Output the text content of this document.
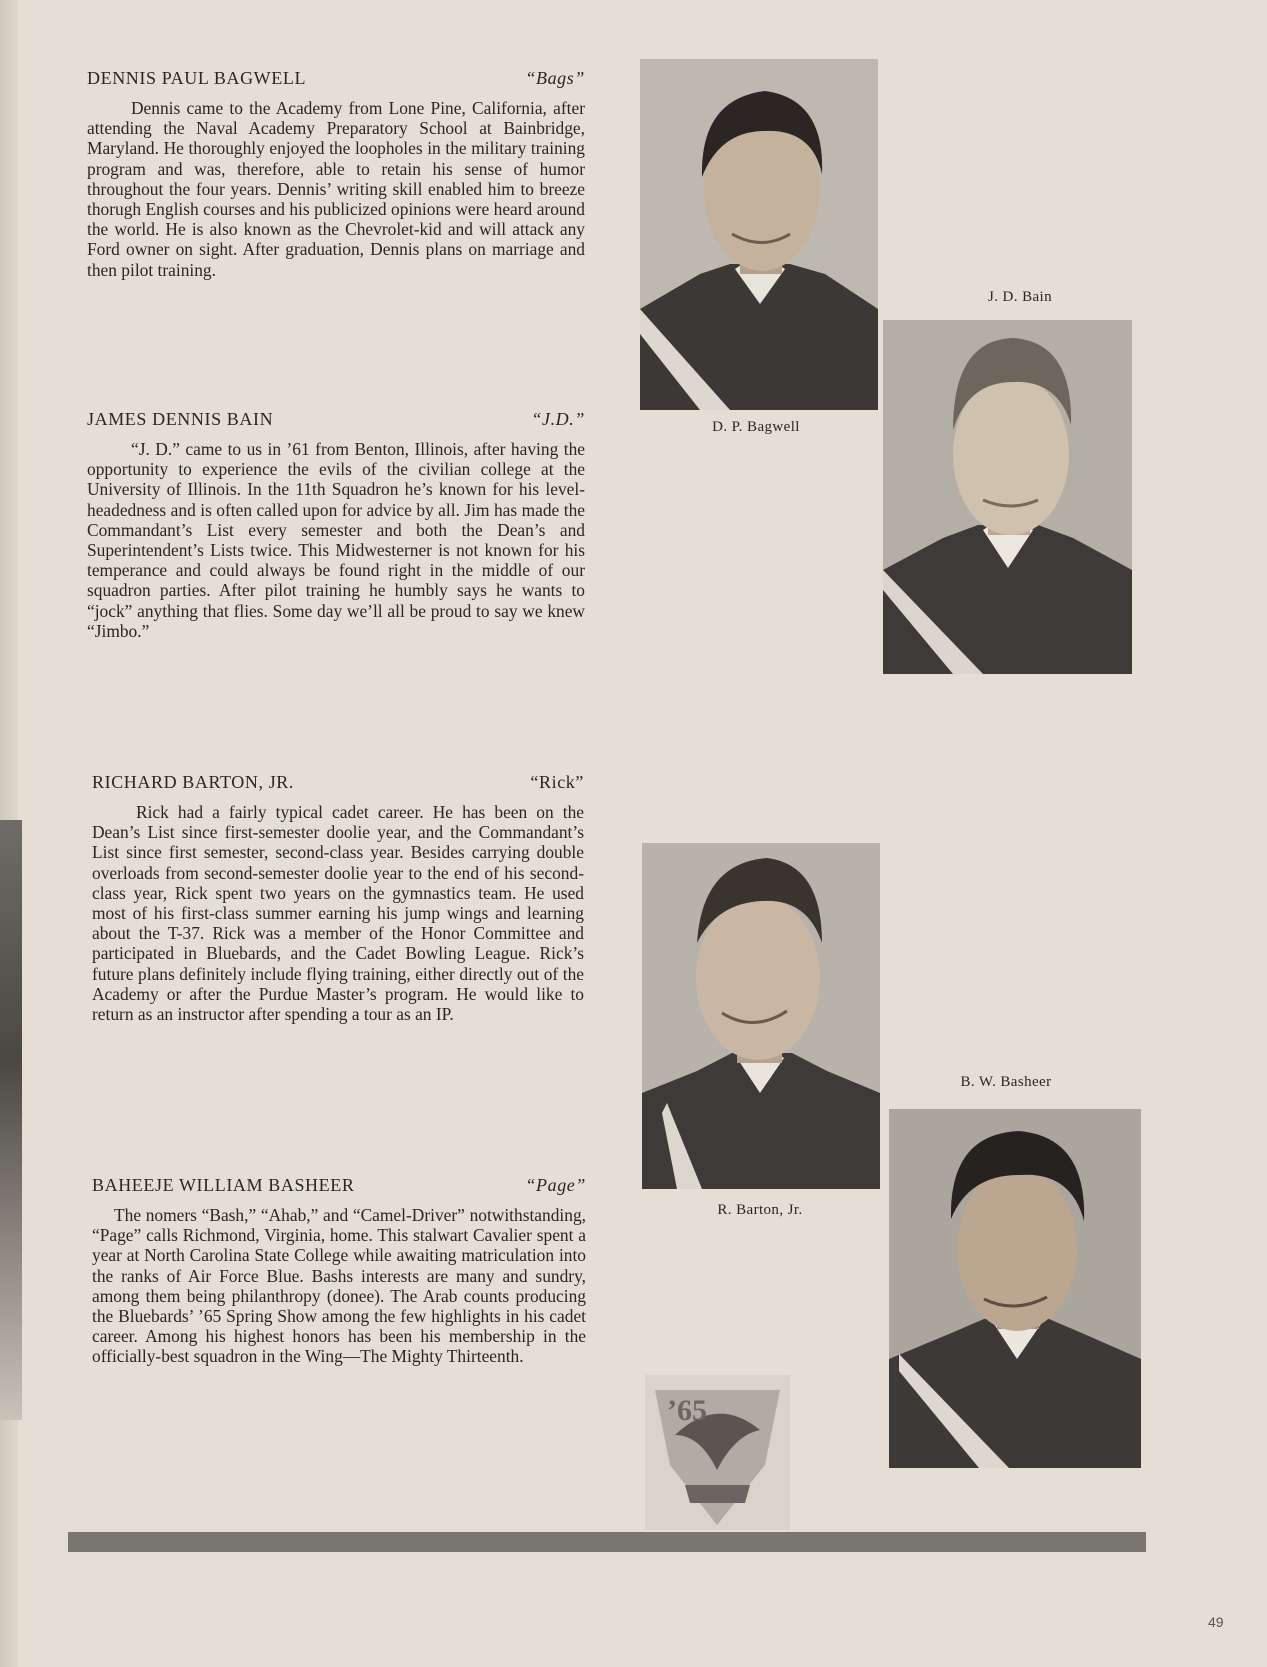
DENNIS PAUL BAGWELL	“Bags”
Dennis came to the Academy from Lone Pine, California, after attending the Naval Academy Preparatory School at Bainbridge, Maryland. He thoroughly enjoyed the loopholes in the military training program and was, therefore, able to retain his sense of humor throughout the four years. Dennis’ writing skill enabled him to breeze thorugh English courses and his publicized opinions were heard around the world. He is also known as the Chevrolet-kid and will attack any Ford owner on sight. After graduation, Dennis plans on marriage and then pilot training.
JAMES DENNIS BAIN	“J.D.”
“J. D.” came to us in ’61 from Benton, Illinois, after having the opportunity to experience the evils of the civilian college at the University of Illinois. In the 11th Squadron he’s known for his level-headedness and is often called upon for advice by all. Jim has made the Commandant’s List every semester and both the Dean’s and Superintendent’s Lists twice. This Midwesterner is not known for his temperance and could always be found right in the middle of our squadron parties. After pilot training he humbly says he wants to “jock” anything that flies. Some day we’ll all be proud to say we knew “Jimbo.”
RICHARD BARTON, JR.	“Rick”
Rick had a fairly typical cadet career. He has been on the Dean’s List since first-semester doolie year, and the Commandant’s List since first semester, second-class year. Besides carrying double overloads from second-semester doolie year to the end of his second-class year, Rick spent two years on the gymnastics team. He used most of his first-class summer earning his jump wings and learning about the T-37. Rick was a member of the Honor Committee and participated in Bluebards, and the Cadet Bowling League. Rick’s future plans definitely include flying training, either directly out of the Academy or after the Purdue Master’s program. He would like to return as an instructor after spending a tour as an IP.
BAHEEJE WILLIAM BASHEER	“Page”
The nomers “Bash,” “Ahab,” and “Camel-Driver” notwithstanding, “Page” calls Richmond, Virginia, home. This stalwart Cavalier spent a year at North Carolina State College while awaiting matriculation into the ranks of Air Force Blue. Bashs interests are many and sundry, among them being philanthropy (donee). The Arab counts producing the Bluebards’ ’65 Spring Show among the few highlights in his cadet career. Among his highest honors has been his membership in the officially-best squadron in the Wing—The Mighty Thirteenth.
D. P. Bagwell
J. D. Bain
R. Barton, Jr.
B. W. Basheer
’65
49
